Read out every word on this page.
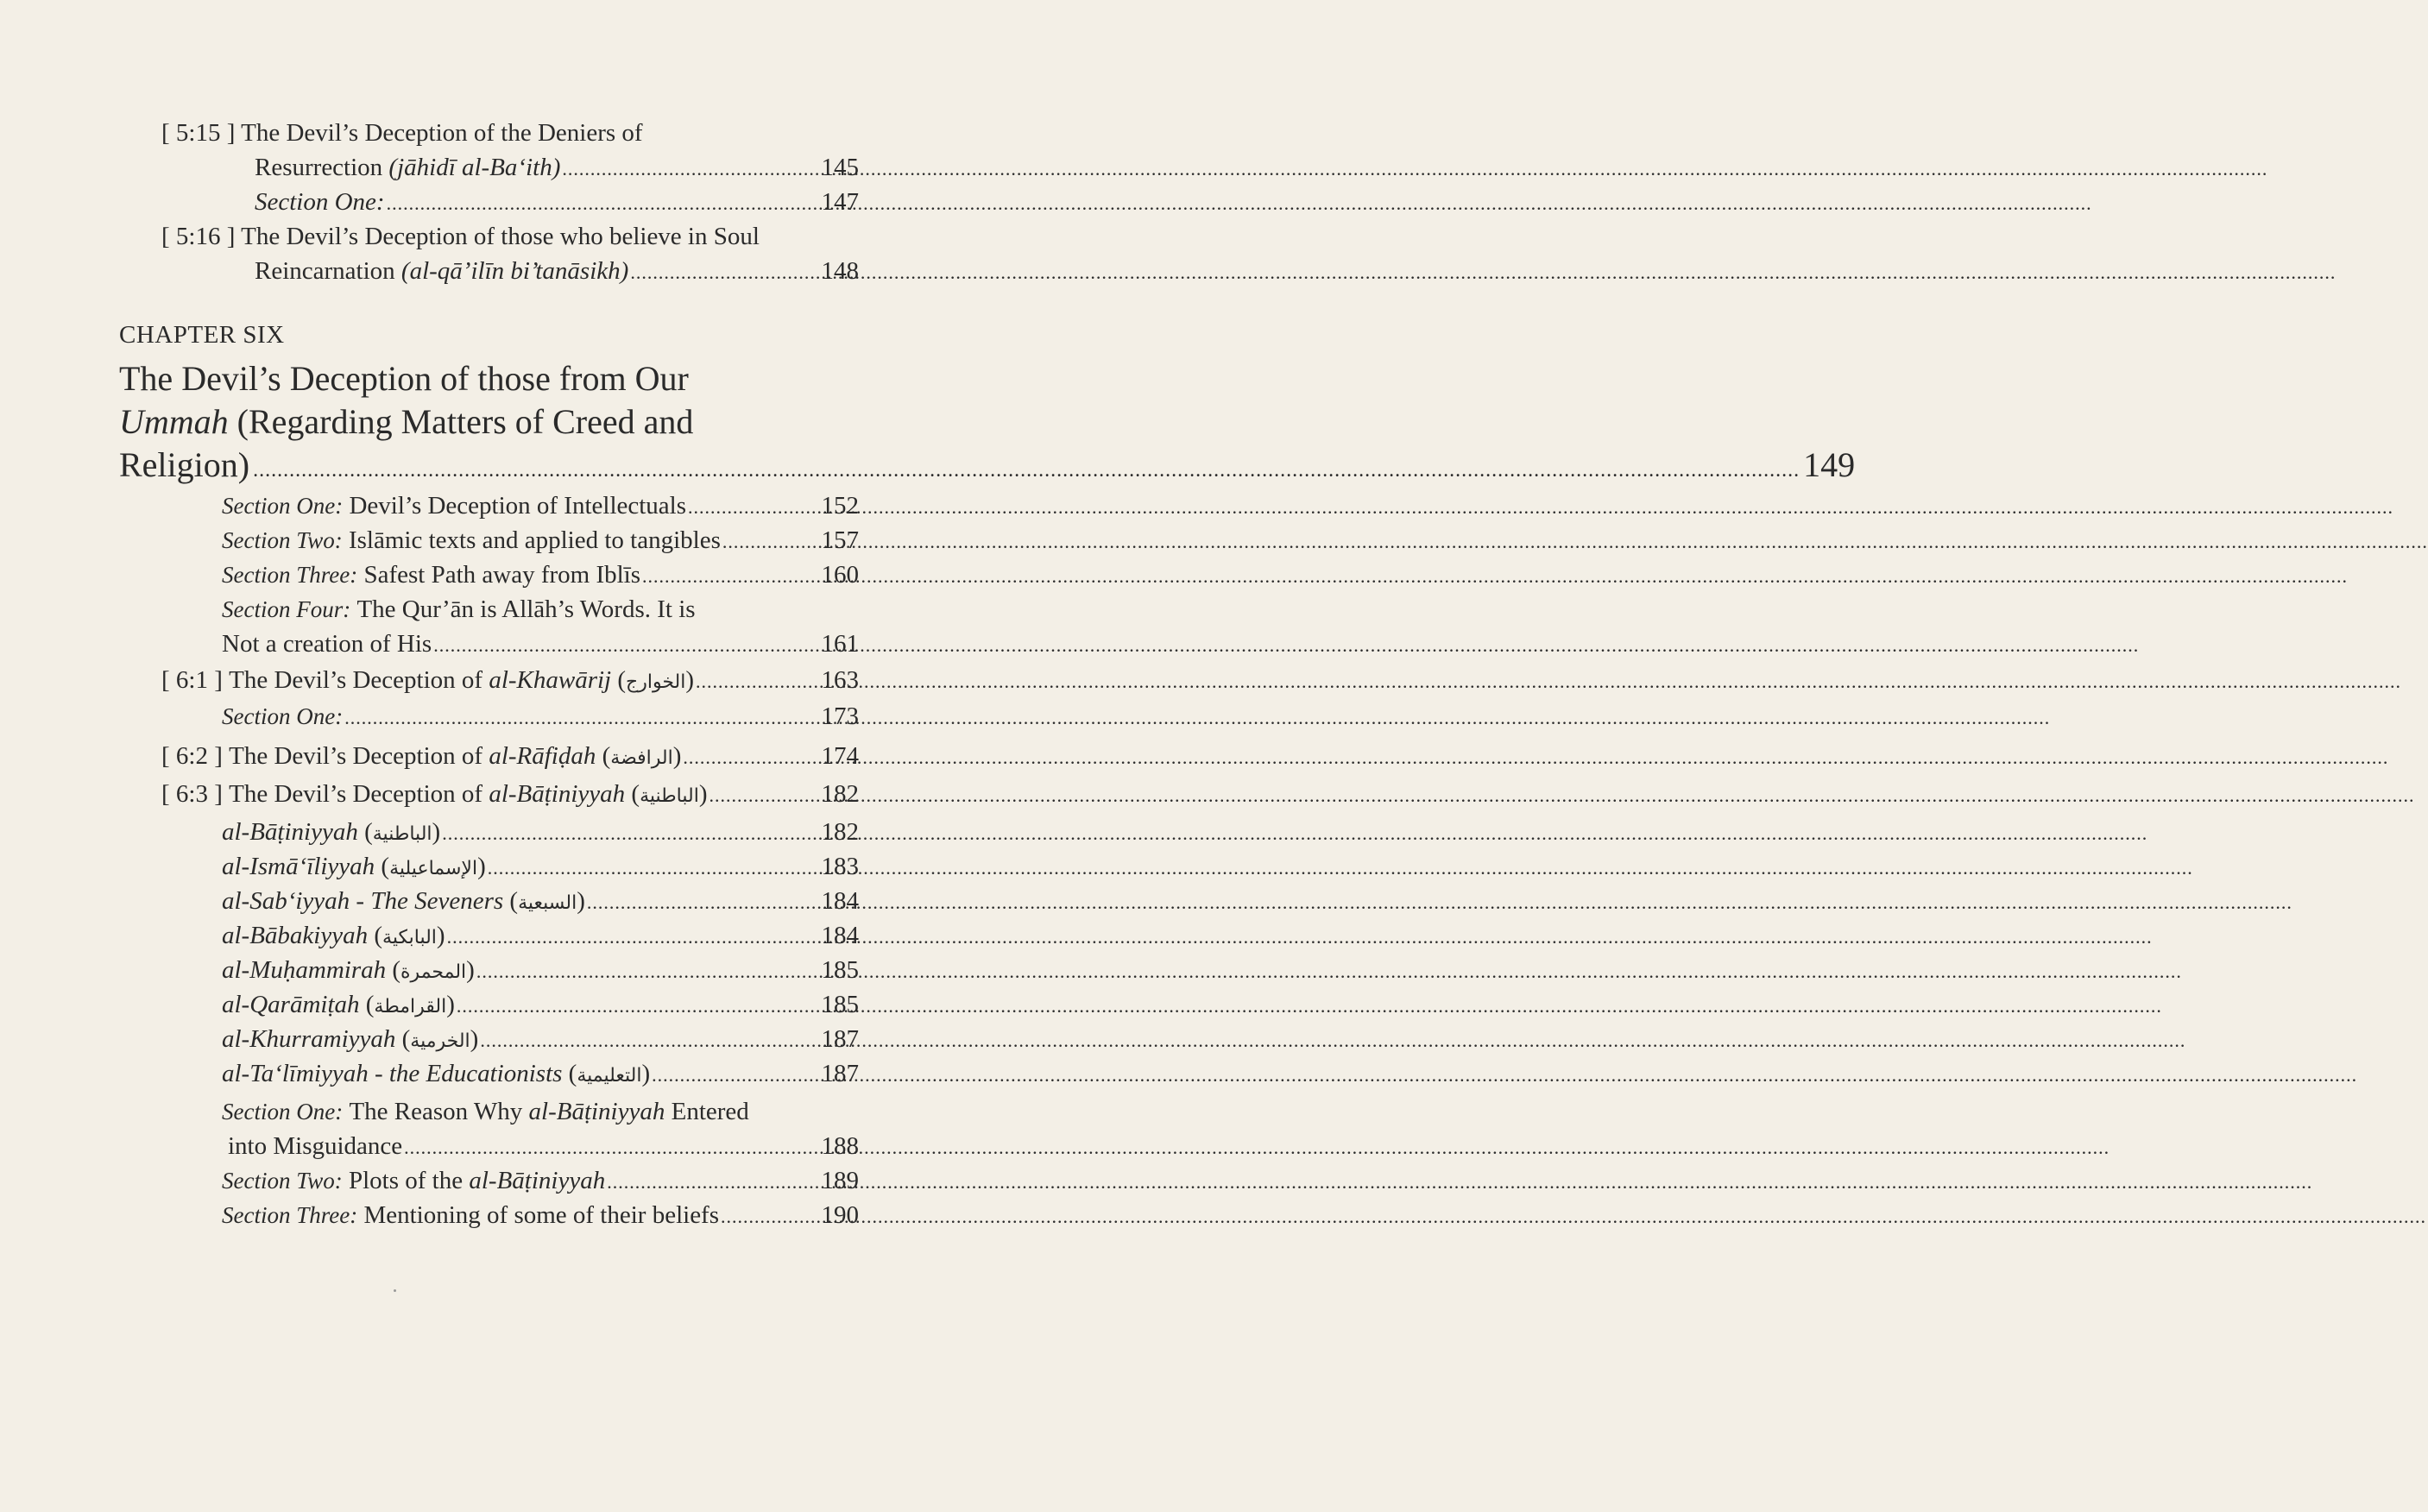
[ 5:15 ] The Devil’s Deception of the Deniers of
Resurrection
(jāhidī al-Ba‘ith) .....	145
Section One: .....	147
[ 5:16 ] The Devil’s Deception of those who believe in Soul
Reincarnation
(al-qā’ilīn bi’tanāsikh) .....	148
CHAPTER SIX
The Devil’s Deception of those from Our
Ummah (Regarding Matters of Creed and
Religion) ................................................................................................................................................................................................................................................................ 149
Section One:
Devil’s Deception of Intellectuals .....	152
Section Two:
Islāmic texts and applied to tangibles .....	157
Section Three:
Safest Path away from Iblīs .....	160
Section Four: The Qur’ān is Allāh’s Words. It is
Not a creation of His .....	161
[ 6:1 ]
The Devil’s Deception of
al-Khawārij ( الخوارج ) .....	163
Section One: .....	173
[ 6:2 ]
The Devil’s Deception of
al-Rāfiḍah ( الرافضة ) .....	174
[ 6:3 ]
The Devil’s Deception of
al-Bāṭiniyyah ( الباطنية ) .....	182
al-Bāṭiniyyah ( الباطنية ) .....	182
al-Ismā‘īliyyah ( الإسماعيلية ) .....	183
al-Sab‘iyyah - The Seveners ( السبعية ) .....	184
al-Bābakiyyah ( البابكية ) .....	184
al-Muḥammirah ( المحمرة ) .....	185
al-Qarāmiṭah ( القرامطة ) .....	185
al-Khurramiyyah ( الخرمية ) .....	187
al-Ta‘līmiyyah - the Educationists ( التعليمية ) .....	187
Section One: The Reason Why al-Bāṭiniyyah Entered
into Misguidance .....	188
Section Two:
Plots of the
al-Bāṭiniyyah .....	189
Section Three:
Mentioning of some of their beliefs .....	190
